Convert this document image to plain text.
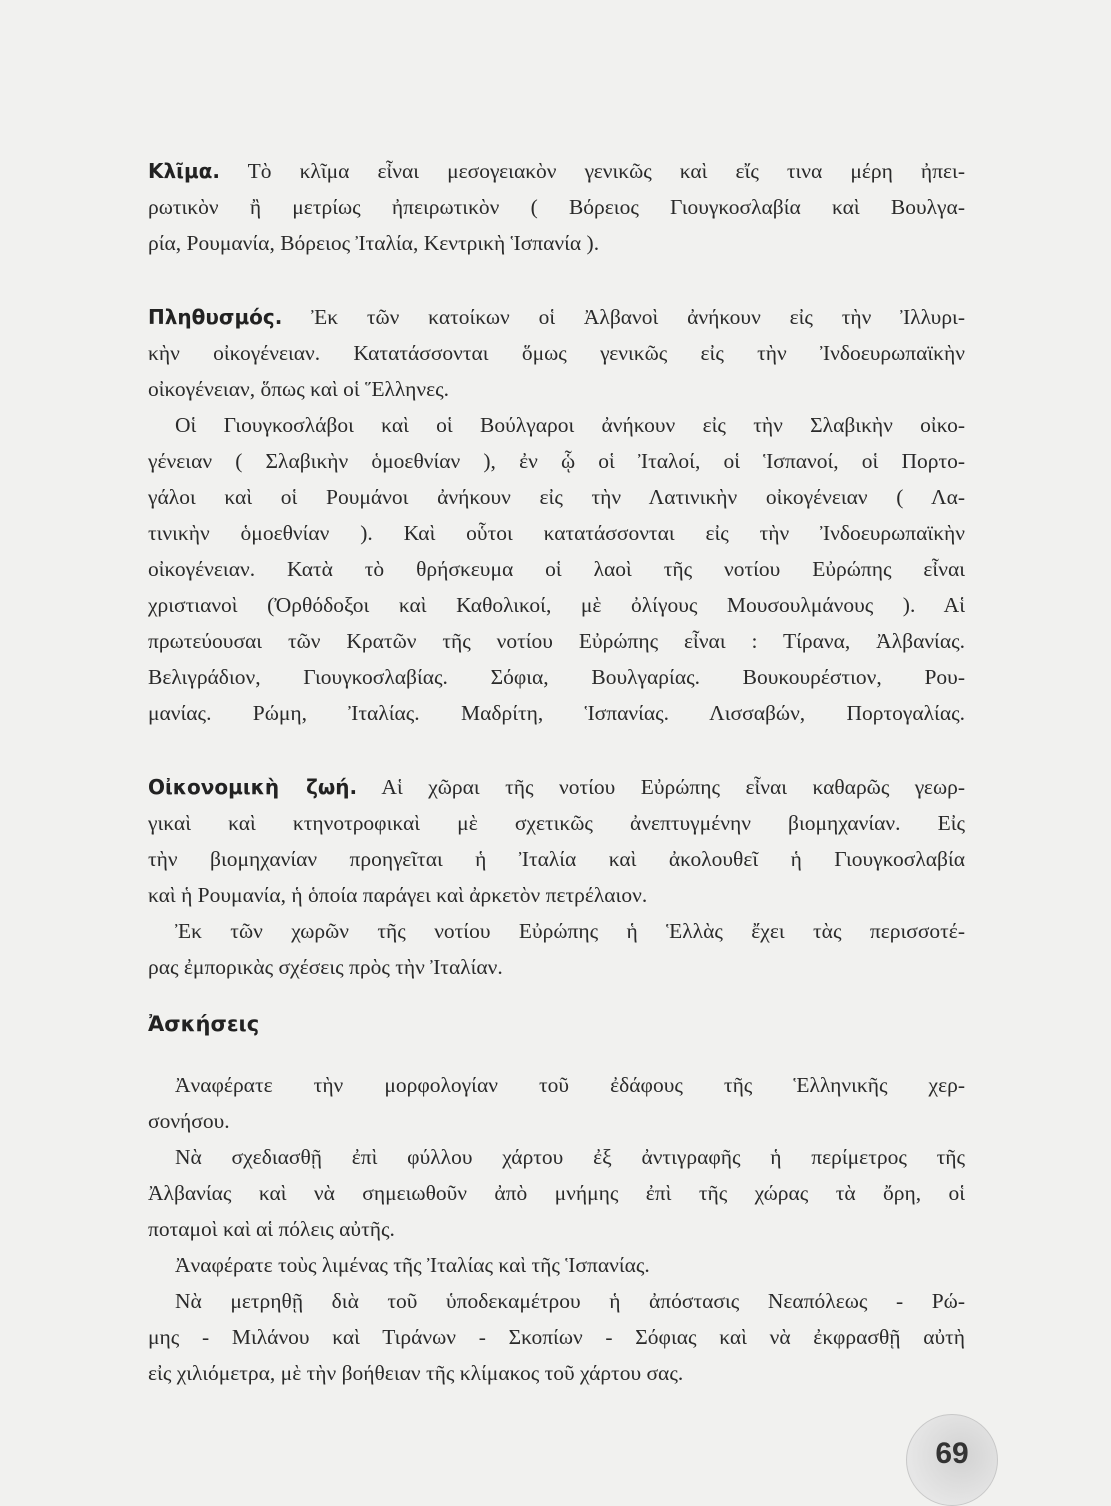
Κλῖμα. Τὸ κλῖμα εἶναι μεσογειακὸν γενικῶς καὶ εἴς τινα μέρη ἠπει-
ρωτικὸν ἢ μετρίως ἠπειρωτικὸν ( Βόρειος Γιουγκοσλαβία καὶ Βουλγα-
ρία, Ρουμανία, Βόρειος Ἰταλία, Κεντρικὴ Ἱσπανία ).
Πληθυσμός. Ἐκ τῶν κατοίκων οἱ Ἀλβανοὶ ἀνήκουν εἰς τὴν Ἰλλυρι-
κὴν οἰκογένειαν. Κατατάσσονται ὅμως γενικῶς εἰς τὴν Ἰνδοευρωπαϊκὴν
οἰκογένειαν, ὅπως καὶ οἱ Ἕλληνες.
Οἱ Γιουγκοσλάβοι καὶ οἱ Βούλγαροι ἀνήκουν εἰς τὴν Σλαβικὴν οἰκο-
γένειαν ( Σλαβικὴν ὁμοεθνίαν ), ἐν ᾧ οἱ Ἰταλοί, οἱ Ἱσπανοί, οἱ Πορτο-
γάλοι καὶ οἱ Ρουμάνοι ἀνήκουν εἰς τὴν Λατινικὴν οἰκογένειαν ( Λα-
τινικὴν ὁμοεθνίαν ). Καὶ οὗτοι κατατάσσονται εἰς τὴν Ἰνδοευρωπαϊκὴν
οἰκογένειαν. Κατὰ τὸ θρήσκευμα οἱ λαοὶ τῆς νοτίου Εὐρώπης εἶναι
χριστιανοὶ (Ὀρθόδοξοι καὶ Καθολικοί, μὲ ὀλίγους Μουσουλμάνους ). Αἱ
πρωτεύουσαι τῶν Κρατῶν τῆς νοτίου Εὐρώπης εἶναι : Τίρανα, Ἀλβανίας.
Βελιγράδιον, Γιουγκοσλαβίας. Σόφια, Βουλγαρίας. Βουκουρέστιον, Ρου-
μανίας. Ρώμη, Ἰταλίας. Μαδρίτη, Ἱσπανίας. Λισσαβών, Πορτογαλίας.
Οἰκονομικὴ ζωή. Αἱ χῶραι τῆς νοτίου Εὐρώπης εἶναι καθαρῶς γεωρ-
γικαὶ καὶ κτηνοτροφικαὶ μὲ σχετικῶς ἀνεπτυγμένην βιομηχανίαν. Εἰς
τὴν βιομηχανίαν προηγεῖται ἡ Ἰταλία καὶ ἀκολουθεῖ ἡ Γιουγκοσλαβία
καὶ ἡ Ρουμανία, ἡ ὁποία παράγει καὶ ἀρκετὸν πετρέλαιον.
Ἐκ τῶν χωρῶν τῆς νοτίου Εὐρώπης ἡ Ἑλλὰς ἔχει τὰς περισσοτέ-
ρας ἐμπορικὰς σχέσεις πρὸς τὴν Ἰταλίαν.
Ἀσκήσεις
Ἀναφέρατε τὴν μορφολογίαν τοῦ ἐδάφους τῆς Ἑλληνικῆς χερ-
σονήσου.
Νὰ σχεδιασθῇ ἐπὶ φύλλου χάρτου ἐξ ἀντιγραφῆς ἡ περίμετρος τῆς
Ἀλβανίας καὶ νὰ σημειωθοῦν ἀπὸ μνήμης ἐπὶ τῆς χώρας τὰ ὄρη, οἱ
ποταμοὶ καὶ αἱ πόλεις αὐτῆς.
Ἀναφέρατε τοὺς λιμένας τῆς Ἰταλίας καὶ τῆς Ἱσπανίας.
Νὰ μετρηθῇ διὰ τοῦ ὑποδεκαμέτρου ἡ ἀπόστασις Νεαπόλεως - Ρώ-
μης - Μιλάνου καὶ Τιράνων - Σκοπίων - Σόφιας καὶ νὰ ἐκφρασθῇ αὐτὴ
εἰς χιλιόμετρα, μὲ τὴν βοήθειαν τῆς κλίμακος τοῦ χάρτου σας.
69
